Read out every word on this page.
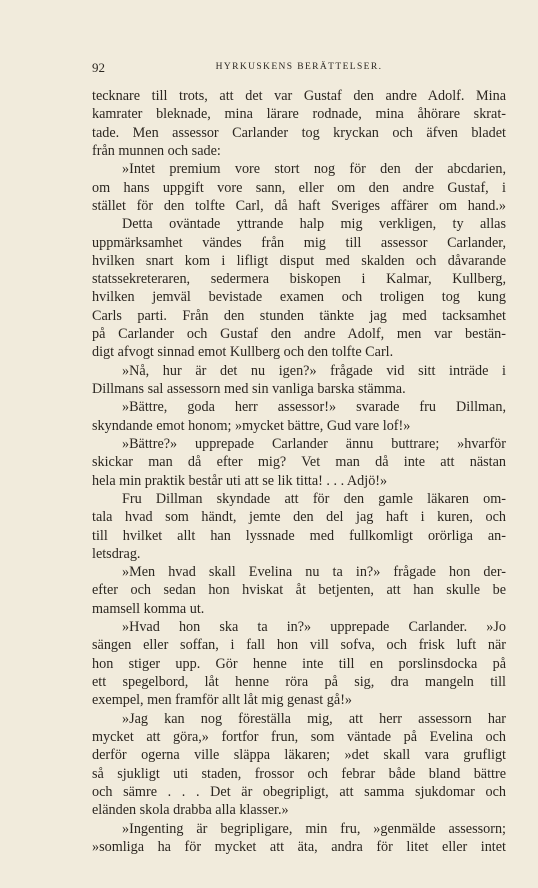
92	HYRKUSKENS BERÄTTELSER.
tecknare till trots, att det var Gustaf den andre Adolf. Mina
kamrater bleknade, mina lärare rodnade, mina åhörare skrat-
tade. Men assessor Carlander tog kryckan och äfven bladet
från munnen och sade:
»Intet premium vore stort nog för den der abcdarien,
om hans uppgift vore sann, eller om den andre Gustaf, i
stället för den tolfte Carl, då haft Sveriges affärer om hand.»
Detta oväntade yttrande halp mig verkligen, ty allas
uppmärksamhet vändes från mig till assessor Carlander,
hvilken snart kom i lifligt disput med skalden och dåvarande
statssekreteraren, sedermera biskopen i Kalmar, Kullberg,
hvilken jemväl bevistade examen och troligen tog kung
Carls parti. Från den stunden tänkte jag med tacksamhet
på Carlander och Gustaf den andre Adolf, men var bestän-
digt afvogt sinnad emot Kullberg och den tolfte Carl.
»Nå, hur är det nu igen?» frågade vid sitt inträde i
Dillmans sal assessorn med sin vanliga barska stämma.
»Bättre, goda herr assessor!» svarade fru Dillman,
skyndande emot honom; »mycket bättre, Gud vare lof!»
»Bättre?» upprepade Carlander ännu buttrare; »hvarför
skickar man då efter mig? Vet man då inte att nästan
hela min praktik består uti att se lik titta! . . . Adjö!»
Fru Dillman skyndade att för den gamle läkaren om-
tala hvad som händt, jemte den del jag haft i kuren, och
till hvilket allt han lyssnade med fullkomligt orörliga an-
letsdrag.
»Men hvad skall Evelina nu ta in?» frågade hon der-
efter och sedan hon hviskat åt betjenten, att han skulle be
mamsell komma ut.
»Hvad hon ska ta in?» upprepade Carlander. »Jo
sängen eller soffan, i fall hon vill sofva, och frisk luft när
hon stiger upp. Gör henne inte till en porslinsdocka på
ett spegelbord, låt henne röra på sig, dra mangeln till
exempel, men framför allt låt mig genast gå!»
»Jag kan nog föreställa mig, att herr assessorn har
mycket att göra,» fortfor frun, som väntade på Evelina och
derför ogerna ville släppa läkaren; »det skall vara grufligt
så sjukligt uti staden, frossor och febrar både bland bättre
och sämre . . . Det är obegripligt, att samma sjukdomar och
eländen skola drabba alla klasser.»
»Ingenting är begripligare, min fru, »genmälde assessorn;
»somliga ha för mycket att äta, andra för litet eller intet
